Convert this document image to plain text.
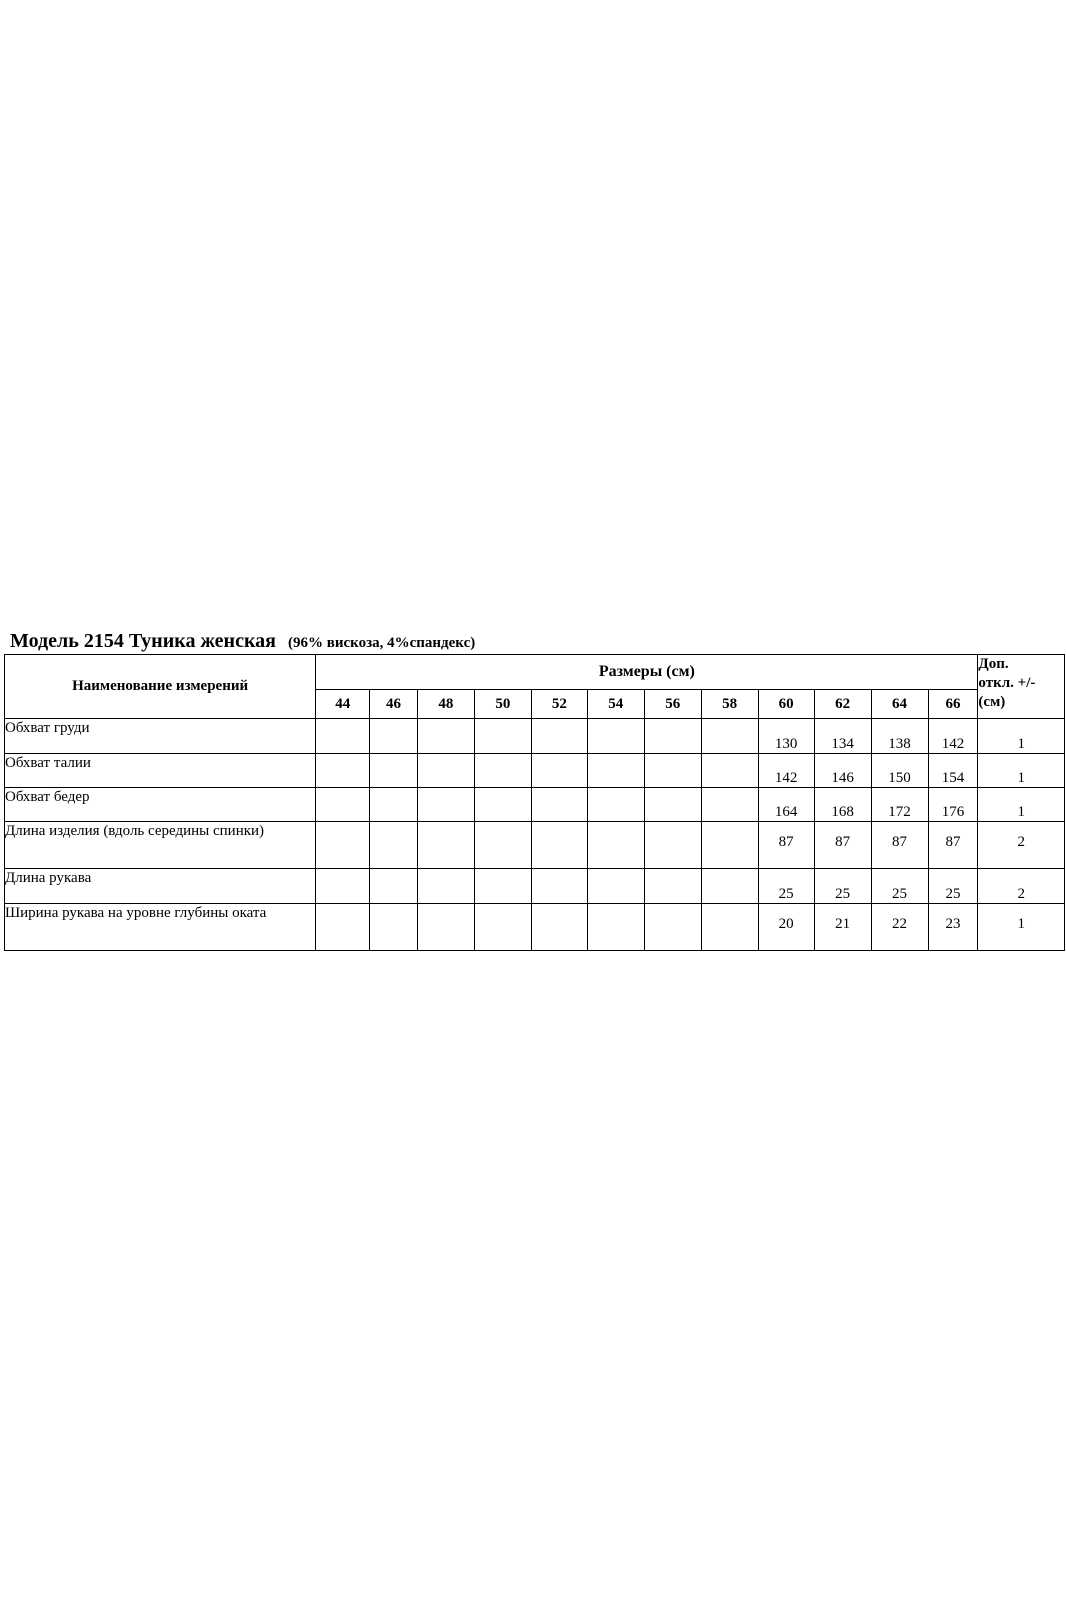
Модель 2154 Туника женская (96% вискоза, 4%спандекс)
Наименование измерений	Размеры (см)												Доп.
откл. +/-
(см)

	44	46	48	50	52	54	56	58	60	62	64	66	
Обхват груди									130	134	138	142	1
Обхват талии									142	146	150	154	1
Обхват бедер									164	168	172	176	1
Длина изделия (вдоль середины спинки)									87	87	87	87	2
Длина рукава									25	25	25	25	2
Ширина рукава на уровне глубины оката									20	21	22	23	1
